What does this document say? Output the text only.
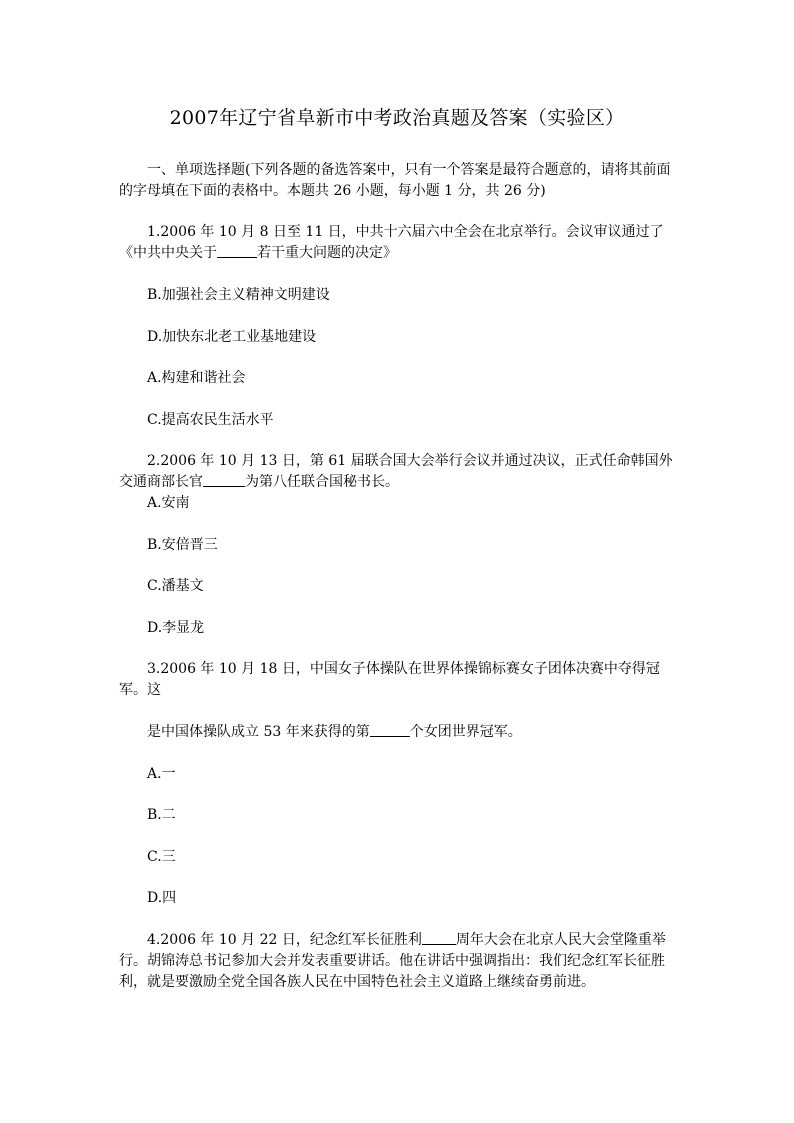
2007年辽宁省阜新市中考政治真题及答案（实验区）
一、单项选择题(下列各题的备选答案中，只有一个答案是最符合题意的，请将其前面的字母填在下面的表格中。本题共 26 小题，每小题 1 分，共 26 分)
1.2006 年 10 月 8 日至 11 日，中共十六届六中全会在北京举行。会议审议通过了《中共中央关于	若干重大问题的决定》
B.加强社会主义精神文明建设
D.加快东北老工业基地建设
A.构建和谐社会
C.提高农民生活水平
2.2006 年 10 月 13 日，第 61 届联合国大会举行会议并通过决议，正式任命韩国外交通商部长官	为第八任联合国秘书长。
A.安南
B.安倍晋三
C.潘基文
D.李显龙
3.2006 年 10 月 18 日，中国女子体操队在世界体操锦标赛女子团体决赛中夺得冠军。这
是中国体操队成立 53 年来获得的第	个女团世界冠军。
A.一
B.二
C.三
D.四
4.2006 年 10 月 22 日，纪念红军长征胜利 周年大会在北京人民大会堂隆重举行。胡锦涛总书记参加大会并发表重要讲话。他在讲话中强调指出：我们纪念红军长征胜利，就是要激励全党全国各族人民在中国特色社会主义道路上继续奋勇前进。
